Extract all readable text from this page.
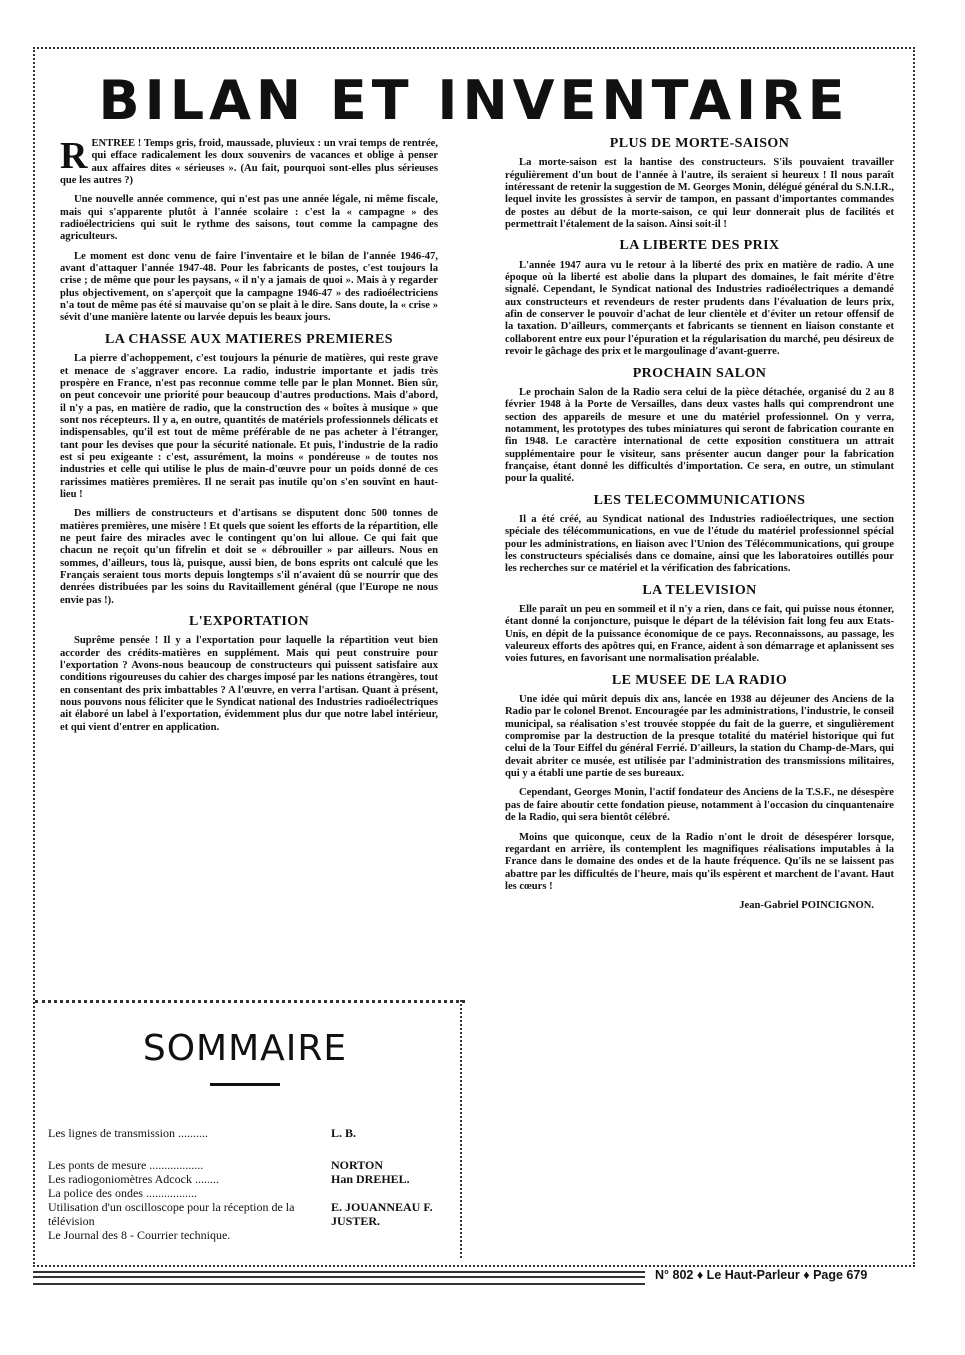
BILAN ET INVENTAIRE

RENTREE ! Temps gris, froid, maussade, pluvieux : un vrai temps de rentrée, qui efface radicalement les doux souvenirs de vacances et oblige à penser aux affaires dites « sérieuses ». (Au fait, pourquoi sont-elles plus sérieuses que les autres ?)

Une nouvelle année commence, qui n'est pas une année légale, ni même fiscale, mais qui s'apparente plutôt à l'année scolaire : c'est la « campagne » des radioélectriciens qui suit le rythme des saisons, tout comme la campagne des agriculteurs.

Le moment est donc venu de faire l'inventaire et le bilan de l'année 1946-47, avant d'attaquer l'année 1947-48. Pour les fabricants de postes, c'est toujours la crise ; de même que pour les paysans, « il n'y a jamais de quoi ». Mais à y regarder plus objectivement, on s'aperçoit que la campagne 1946-47 » des radioélectriciens n'a tout de même pas été si mauvaise qu'on se plait à le dire. Sans doute, la « crise » sévit d'une manière latente ou larvée depuis les beaux jours.

LA CHASSE AUX MATIERES PREMIERES

La pierre d'achoppement, c'est toujours la pénurie de matières, qui reste grave et menace de s'aggraver encore. La radio, industrie importante et jadis très prospère en France, n'est pas reconnue comme telle par le plan Monnet. Bien sûr, on peut concevoir une priorité pour beaucoup d'autres productions. Mais d'abord, il n'y a pas, en matière de radio, que la construction des « boîtes à musique » que sont nos récepteurs. Il y a, en outre, quantités de matériels professionnels délicats et indispensables, qu'il est tout de même préférable de ne pas acheter à l'étranger, tant pour les devises que pour la sécurité nationale. Et puis, l'industrie de la radio est si peu exigeante : c'est, assurément, la moins « pondéreuse » de toutes nos industries et celle qui utilise le plus de main-d'œuvre pour un poids donné de ces rarissimes matières premières. Il ne serait pas inutile qu'on s'en souvînt en haut-lieu !

Des milliers de constructeurs et d'artisans se disputent donc 500 tonnes de matières premières, une misère ! Et quels que soient les efforts de la répartition, elle ne peut faire des miracles avec le contingent qu'on lui alloue. Ce qui fait que chacun ne reçoit qu'un fifrelin et doit se « débrouiller » par ailleurs. Nous en sommes, d'ailleurs, tous là, puisque, aussi bien, de bons esprits ont calculé que les Français seraient tous morts depuis longtemps s'il n'avaient dû se nourrir que des denrées distribuées par les soins du Ravitaillement général (que l'Europe ne nous envie pas !).

L'EXPORTATION

Suprême pensée ! Il y a l'exportation pour laquelle la répartition veut bien accorder des crédits-matières en supplément. Mais qui peut construire pour l'exportation ? Avons-nous beaucoup de constructeurs qui puissent satisfaire aux conditions rigoureuses du cahier des charges imposé par les nations étrangères, tout en consentant des prix imbattables ? A l'œuvre, en verra l'artisan. Quant à présent, nous pouvons nous féliciter que le Syndicat national des Industries radioélectriques ait élaboré un label à l'exportation, évidemment plus dur que notre label intérieur, et qui vient d'entrer en application.

PLUS DE MORTE-SAISON

La morte-saison est la hantise des constructeurs. S'ils pouvaient travailler régulièrement d'un bout de l'année à l'autre, ils seraient si heureux ! Il nous paraît intéressant de retenir la suggestion de M. Georges Monin, délégué général du S.N.I.R., lequel invite les grossistes à servir de tampon, en passant d'importantes commandes de postes au début de la morte-saison, ce qui leur donnerait plus de facilités et permettrait l'étalement de la saison. Ainsi soit-il !

LA LIBERTE DES PRIX

L'année 1947 aura vu le retour à la liberté des prix en matière de radio. A une époque où la liberté est abolie dans la plupart des domaines, le fait mérite d'être signalé. Cependant, le Syndicat national des Industries radioélectriques a demandé aux constructeurs et revendeurs de rester prudents dans l'évaluation de leurs prix, afin de conserver le pouvoir d'achat de leur clientèle et d'éviter un retour offensif de la taxation. D'ailleurs, commerçants et fabricants se tiennent en liaison constante et collaborent entre eux pour l'épuration et la régularisation du marché, peu désireux de revoir le gâchage des prix et le margoulinage d'avant-guerre.

PROCHAIN SALON

Le prochain Salon de la Radio sera celui de la pièce détachée, organisé du 2 au 8 février 1948 à la Porte de Versailles, dans deux vastes halls qui comprendront une section des appareils de mesure et une du matériel professionnel. On y verra, notamment, les prototypes des tubes miniatures qui seront de fabrication courante en fin 1948. Le caractère international de cette exposition constituera un attrait supplémentaire pour le visiteur, sans présenter aucun danger pour la fabrication française, étant donné les difficultés d'importation. Ce sera, en outre, un stimulant pour la qualité.

LES TELECOMMUNICATIONS

Il a été créé, au Syndicat national des Industries radioélectriques, une section spéciale des télécommunications, en vue de l'étude du matériel professionnel spécial pour les administrations, en liaison avec l'Union des Télécommunications, qui groupe les constructeurs spécialisés dans ce domaine, ainsi que les laboratoires outillés pour les recherches sur ce matériel et la vérification des fabrications.

LA TELEVISION

Elle paraît un peu en sommeil et il n'y a rien, dans ce fait, qui puisse nous étonner, étant donné la conjoncture, puisque le départ de la télévision fait long feu aux Etats-Unis, en dépit de la puissance économique de ce pays. Reconnaissons, au passage, les valeureux efforts des apôtres qui, en France, aident à son démarrage et aplanissent ses voies futures, en favorisant une normalisation préalable.

LE MUSEE DE LA RADIO

Une idée qui mûrit depuis dix ans, lancée en 1938 au déjeuner des Anciens de la Radio par le colonel Brenot. Encouragée par les administrations, l'industrie, le conseil municipal, sa réalisation s'est trouvée stoppée du fait de la guerre, et singulièrement compromise par la destruction de la presque totalité du matériel historique qui fut celui de la Tour Eiffel du général Ferrié. D'ailleurs, la station du Champ-de-Mars, qui devait abriter ce musée, est utilisée par l'administration des transmissions militaires, qui y a établi une partie de ses bureaux.

Cependant, Georges Monin, l'actif fondateur des Anciens de la T.S.F., ne désespère pas de faire aboutir cette fondation pieuse, notamment à l'occasion du cinquantenaire de la Radio, qui sera bientôt célébré.

Moins que quiconque, ceux de la Radio n'ont le droit de désespérer lorsque, regardant en arrière, ils contemplent les magnifiques réalisations imputables à la France dans le domaine des ondes et de la haute fréquence. Qu'ils ne se laissent pas abattre par les difficultés de l'heure, mais qu'ils espèrent et marchent de l'avant. Haut les cœurs !

Jean-Gabriel POINCIGNON.

SOMMAIRE
Les lignes de transmission ..........	L. B.
Les ponts de mesure ..................	NORTON
Les radiogoniomètres Adcock ........	Han DREHEL.
La police des ondes .................	
Utilisation d'un oscilloscope pour la réception de la télévision	E. JOUANNEAU F. JUSTER.
Le Journal des 8 - Courrier technique.	
N° 802 ♦ Le Haut-Parleur ♦ Page 679
